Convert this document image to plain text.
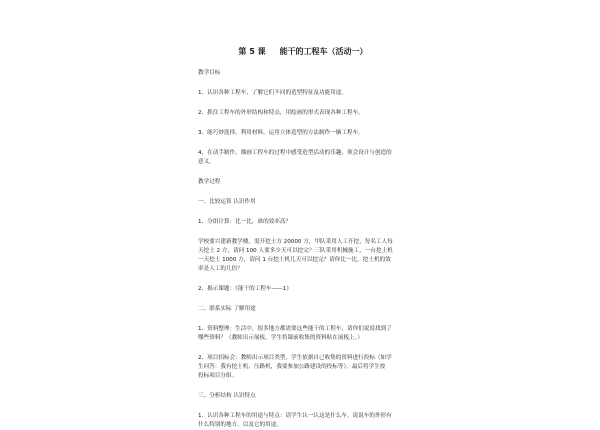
第 5 课 能干的工程车（活动一）

教学目标

1、认识各种工程车，了解它们不同的造型特征及功能用途。

2、抓住工程车的外形结构和特点，用绘画的形式表现各种工程车。

3、能巧妙选择、利用材料，运用立体造型的方法制作一辆工程车。

4、在动手制作、描画工程车的过程中感受造型活动的乐趣，领会设计与创造的

意义。

教学过程

一、比较运算 认识作用

1、分组计算：比一比，谁的效率高？

学校要兴建新教学楼，需开挖土方 20000 方，甲队采用人工开挖，每名工人每

天挖土 2 方，请问 100 人要多少天可以挖完？三队采用机械施工，一台挖土机

一天挖土 1000 方，请问 1 台挖土机几天可以挖完？请你比一比，挖土机的效

率是人工的几倍？

2、揭示课题：《能干的工程车——1》

二、联系实际 了解用途

1、资料整理：生活中，很多地方都需要这些能干的工程车，请你们说说找到了

哪些资料？（教师出示展板，学生将课前收集的资料贴在展板上。）

2、项目招标会：教师出示项目类型，学生依据自己收集的资料进行投标（如学

生问答：我有挖土机、压路机，我要参加公路建设的投标等），最后将学生按

投标项目分组。

三、分析结构 认识特点

1、认识各种工程车的用途与特点：请学生认一认这是什么车，说说车的外形有

什么特别的地方，以及它的用途。
